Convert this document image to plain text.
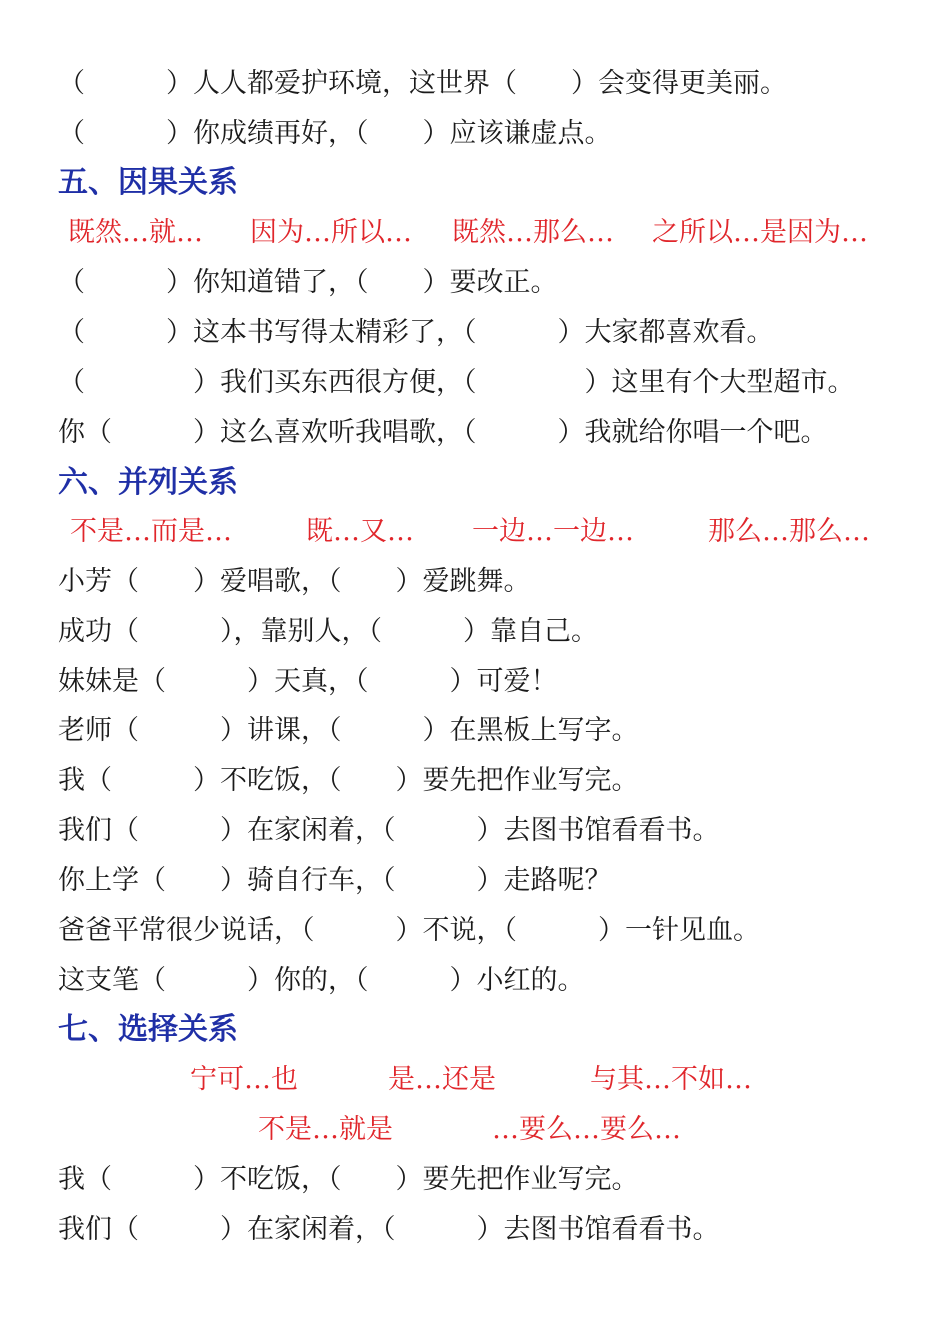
（　　　）人人都爱护环境，这世界（　　）会变得更美丽。
（　　　）你成绩再好，（　　）应该谦虚点。
五、因果关系
既然…就… 因为…所以… 既然…那么… 之所以…是因为…
（　　　）你知道错了，（　　）要改正。
（　　　）这本书写得太精彩了，（　　　）大家都喜欢看。
（　　　　）我们买东西很方便，（　　　　）这里有个大型超市。
你（　　　）这么喜欢听我唱歌，（　　　）我就给你唱一个吧。
六、并列关系
不是…而是…	既…又… 一边…一边…	那么…那么…
小芳（　　）爱唱歌，（　　）爱跳舞。
成功（　　　），靠别人，（　　　）靠自己。
妹妹是（　　　）天真，（　　　）可爱！
老师（　　　）讲课，（　　　）在黑板上写字。
我（　　　）不吃饭，（　　）要先把作业写完。
我们（　　　）在家闲着，（　　　）去图书馆看看书。
你上学（　　）骑自行车，（　　　）走路呢？
爸爸平常很少说话，（　　　）不说，（　　　）一针见血。
这支笔（　　　）你的，（　　　）小红的。
七、选择关系
宁可…也	是…还是	与其…不如…
不是…就是	…要么…要么…
我（　　　）不吃饭，（　　）要先把作业写完。
我们（　　　）在家闲着，（　　　）去图书馆看看书。
